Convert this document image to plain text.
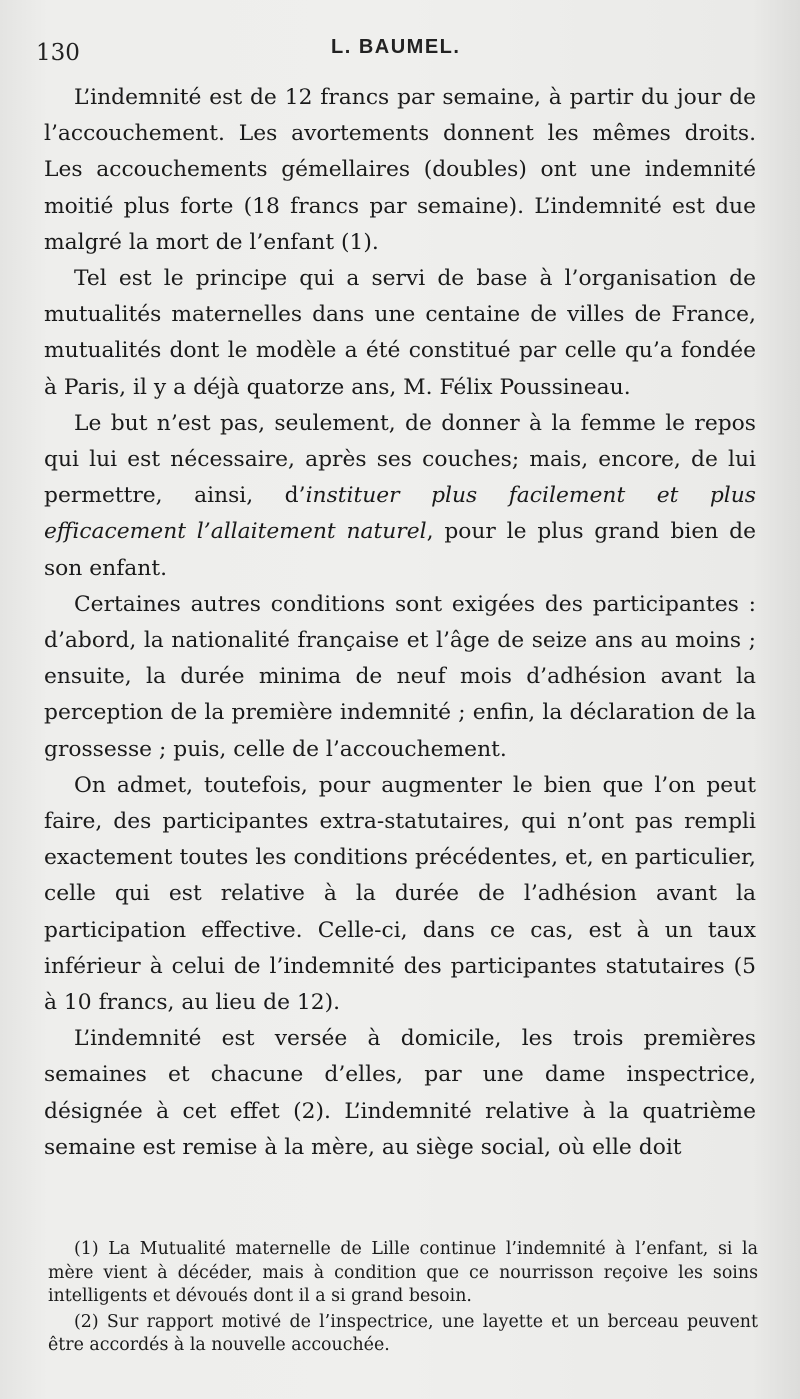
130	L. BAUMEL.

L’indemnité est de 12 francs par semaine, à partir du jour de l’accouchement. Les avortements donnent les mêmes droits. Les accouchements gémellaires (doubles) ont une indemnité moitié plus forte (18 francs par semaine). L’indemnité est due malgré la mort de l’enfant (1).

Tel est le principe qui a servi de base à l’organisation de mutualités maternelles dans une centaine de villes de France, mutualités dont le modèle a été constitué par celle qu’a fondée à Paris, il y a déjà quatorze ans, M. Félix Poussineau.

Le but n’est pas, seulement, de donner à la femme le repos qui lui est nécessaire, après ses couches; mais, encore, de lui permettre, ainsi, d’instituer plus facilement et plus efficacement l’allaitement naturel, pour le plus grand bien de son enfant.

Certaines autres conditions sont exigées des participantes : d’abord, la nationalité française et l’âge de seize ans au moins ; ensuite, la durée minima de neuf mois d’adhésion avant la perception de la première indemnité ; enfin, la déclaration de la grossesse ; puis, celle de l’accouchement.

On admet, toutefois, pour augmenter le bien que l’on peut faire, des participantes extra-statutaires, qui n’ont pas rempli exactement toutes les conditions précédentes, et, en particulier, celle qui est relative à la durée de l’adhésion avant la participation effective. Celle-ci, dans ce cas, est à un taux inférieur à celui de l’indemnité des participantes statutaires (5 à 10 francs, au lieu de 12).

L’indemnité est versée à domicile, les trois premières semaines et chacune d’elles, par une dame inspectrice, désignée à cet effet (2). L’indemnité relative à la quatrième semaine est remise à la mère, au siège social, où elle doit

(1) La Mutualité maternelle de Lille continue l’indemnité à l’enfant, si la mère vient à décéder, mais à condition que ce nourrisson reçoive les soins intelligents et dévoués dont il a si grand besoin.

(2) Sur rapport motivé de l’inspectrice, une layette et un berceau peuvent être accordés à la nouvelle accouchée.
